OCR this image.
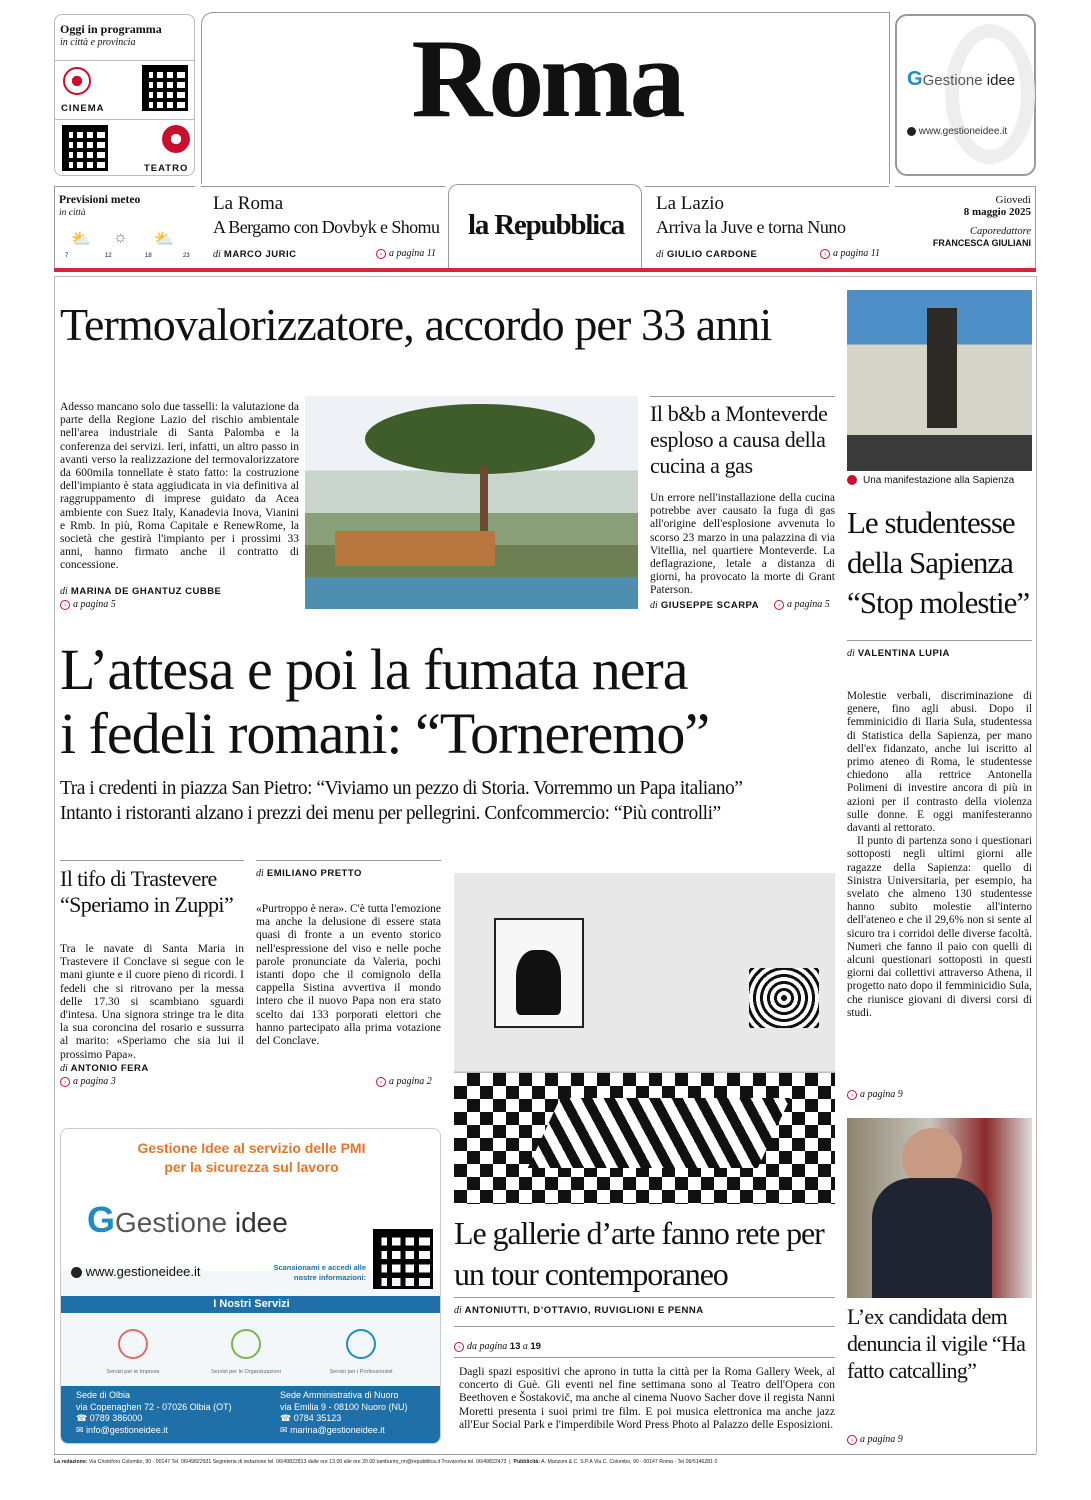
Oggi in programma
in città e provincia
CINEMA
TEATRO
Roma	GGestione idee
www.gestioneidee.it
Previsioni meteo
in città
⛅ ☼ ⛅
7	12	18	23
La Roma
A Bergamo con Dovbyk e Shomu
di MARCO JURIC	› a pagina 11
la Repubblica
La Lazio
Arriva la Juve e torna Nuno
di GIULIO CARDONE	› a pagina 11
Giovedì
8 maggio 2025
Caporedattore
FRANCESCA GIULIANI
Termovalorizzatore, accordo per 33 anni
Adesso mancano solo due tasselli: la valutazione da parte della Regione Lazio del rischio ambientale nell'area industriale di Santa Palomba e la conferenza dei servizi. Ieri, infatti, un altro passo in avanti verso la realizzazione del termovalorizzatore da 600mila tonnellate è stato fatto: la costruzione dell'impianto è stata aggiudicata in via definitiva al raggruppamento di imprese guidato da Acea ambiente con Suez Italy, Kanadevia Inova, Vianini e Rmb. In più, Roma Capitale e RenewRome, la società che gestirà l'impianto per i prossimi 33 anni, hanno firmato anche il contratto di concessione.
di MARINA DE GHANTUZ CUBBE
› a pagina 5
Il b&b a Monteverde esploso a causa della cucina a gas
Un errore nell'installazione della cucina potrebbe aver causato la fuga di gas all'origine dell'esplosione avvenuta lo scorso 23 marzo in una palazzina di via Vitellia, nel quartiere Monteverde. La deflagrazione, letale a distanza di giorni, ha provocato la morte di Grant Paterson.
di GIUSEPPE SCARPA	› a pagina 5
Una manifestazione alla Sapienza
Le studentesse della Sapienza “Stop molestie”
di VALENTINA LUPIA
Molestie verbali, discriminazione di genere, fino agli abusi. Dopo il femminicidio di Ilaria Sula, studentessa di Statistica della Sapienza, per mano dell'ex fidanzato, anche lui iscritto al primo ateneo di Roma, le studentesse chiedono alla rettrice Antonella Polimeni di investire ancora di più in azioni per il contrasto della violenza sulle donne. E oggi manifesteranno davanti al rettorato.
Il punto di partenza sono i questionari sottoposti negli ultimi giorni alle ragazze della Sapienza: quello di Sinistra Universitaria, per esempio, ha svelato che almeno 130 studentesse hanno subito molestie all'interno dell'ateneo e che il 29,6% non si sente al sicuro tra i corridoi delle diverse facoltà. Numeri che fanno il paio con quelli di alcuni questionari sottoposti in questi giorni dai collettivi attraverso Athena, il progetto nato dopo il femminicidio Sula, che riunisce giovani di diversi corsi di studi.
› a pagina 9
L’ex candidata dem denuncia il vigile “Ha fatto catcalling”
› a pagina 9
L’attesa e poi la fumata nera
i fedeli romani: “Torneremo”
Tra i credenti in piazza San Pietro: “Viviamo un pezzo di Storia. Vorremmo un Papa italiano”
Intanto i ristoranti alzano i prezzi dei menu per pellegrini. Confcommercio: “Più controlli”
Il tifo di Trastevere “Speriamo in Zuppi”
Tra le navate di Santa Maria in Trastevere il Conclave si segue con le mani giunte e il cuore pieno di ricordi. I fedeli che si ritrovano per la messa delle 17.30 si scambiano sguardi d'intesa. Una signora stringe tra le dita la sua coroncina del rosario e sussurra al marito: «Speriamo che sia lui il prossimo Papa».
di ANTONIO FERA
› a pagina 3
di EMILIANO PRETTO
«Purtroppo è nera». C'è tutta l'emozione ma anche la delusione di essere stata quasi di fronte a un evento storico nell'espressione del viso e nelle poche parole pronunciate da Valeria, pochi istanti dopo che il comignolo della cappella Sistina avvertiva il mondo intero che il nuovo Papa non era stato scelto dai 133 porporati elettori che hanno partecipato alla prima votazione del Conclave.
› a pagina 2
Le gallerie d’arte fanno rete per un tour contemporaneo
di ANTONIUTTI, D’OTTAVIO, RUVIGLIONI E PENNA
› da pagina 13 a 19
Dagli spazi espositivi che aprono in tutta la città per la Roma Gallery Week, al concerto di Guè. Gli eventi nel fine settimana sono al Teatro dell'Opera con Beethoven e Šostakovič, ma anche al cinema Nuovo Sacher dove il regista Nanni Moretti presenta i suoi primi tre film. E poi musica elettronica ma anche jazz all'Eur Social Park e l'imperdibile Word Press Photo al Palazzo delle Esposizioni.
Gestione Idee al servizio delle PMI
per la sicurezza sul lavoro
GGestione idee
www.gestioneidee.it	Scansionami e accedi alle
nostre informazioni:
I Nostri Servizi
Servizi per le Imprese	Servizi per le Organizzazioni	Servizi per i Professionisti
Sede di Olbia
via Copenaghen 72 - 07026 Olbia (OT)
☎ 0789 386000
✉ info@gestioneidee.it
Sede Amministrativa di Nuoro
via Emilia 9 - 08100 Nuoro (NU)
☎ 0784 35123
✉ marina@gestioneidee.it
La redazione: Via Cristoforo Colombo, 90 - 00147 Tel. 06/49822931 Segreteria di redazione tel. 06/49822813 dalle ore 13.00 alle ore 20.00 tamburini_rm@repubblica.it Trovaroma tel. 06/49822473  |  Pubblicità: A. Manzoni & C. S.P.A Via C. Colombo, 90 - 00147 Roma - Tel 06/5146281 0
